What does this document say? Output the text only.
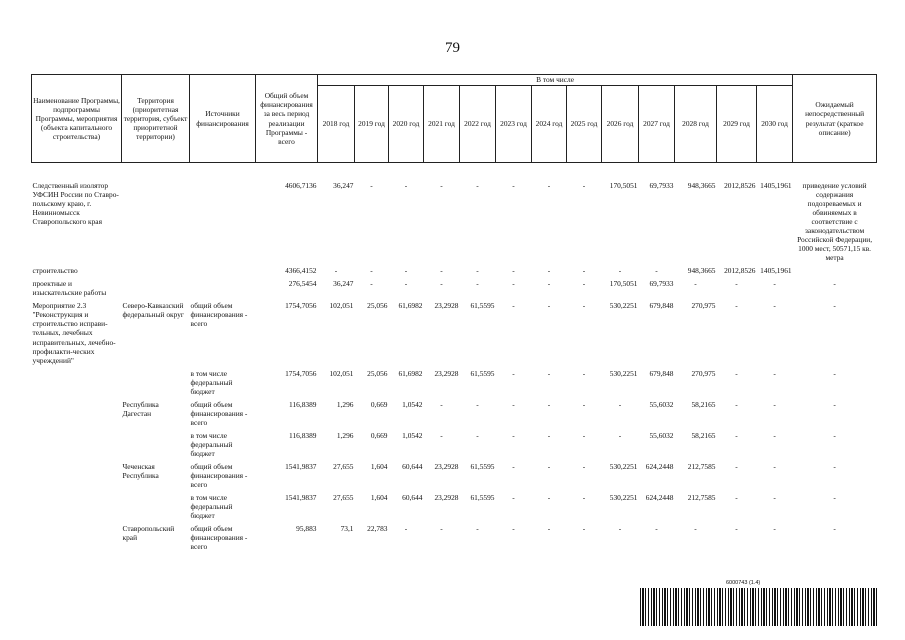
79
Наименование Программы, подпрограммы Программы, мероприятия (объекта капитального строительства)	Территория (приоритетная территория, субъект приоритетной территории)	Источники финансирования	Общий объем финансирования за весь период реализации Программы - всего	В том числе													Ожидаемый непосредственный результат (краткое описание)
				2018 год	2019 год	2020 год	2021 год	2022 год	2023 год	2024 год	2025 год	2026 год	2027 год	2028 год	2029 год	2030 год	

Следственный изолятор УФСИН России по Ставро-польскому краю, г. Невинномысск Ставропольского края			4606,7136	36,247	-	-	-	-	-	-	-	170,5051	69,7933	948,3665	2012,8526	1405,1961	приведение условий содержания подозреваемых и обвиняемых в соответствие с законодательством Российской Федерации, 1000 мест, 50571,15 кв. метра
строительство			4366,4152	-	-	-	-	-	-	-	-	-	-	948,3665	2012,8526	1405,1961	
проектные и изыскательские работы			276,5454	36,247	-	-	-	-	-	-	-	170,5051	69,7933	-	-	-	-
Мероприятие 2.3 "Реконструкция и строительство исправи-тельных, лечебных исправительных, лечебно-профилакти-ческих учреждений"	Северо-Кавказский федеральный округ	общий объем финансирования - всего	1754,7056	102,051	25,056	61,6982	23,2928	61,5595	-	-	-	530,2251	679,848	270,975	-	-	-
		в том числе федеральный бюджет	1754,7056	102,051	25,056	61,6982	23,2928	61,5595	-	-	-	530,2251	679,848	270,975	-	-	-
	Республика Дагестан	общий объем финансирования - всего	116,8389	1,296	0,669	1,0542	-	-	-	-	-	-	55,6032	58,2165	-	-	-
		в том числе федеральный бюджет	116,8389	1,296	0,669	1,0542	-	-	-	-	-	-	55,6032	58,2165	-	-	-
	Чеченская Республика	общий объем финансирования - всего	1541,9837	27,655	1,604	60,644	23,2928	61,5595	-	-	-	530,2251	624,2448	212,7585	-	-	-
		в том числе федеральный бюджет	1541,9837	27,655	1,604	60,644	23,2928	61,5595	-	-	-	530,2251	624,2448	212,7585	-	-	-
	Ставропольский край	общий объем финансирования - всего	95,883	73,1	22,783	-	-	-	-	-	-	-	-	-	-	-	-
6000743 (1.4)
